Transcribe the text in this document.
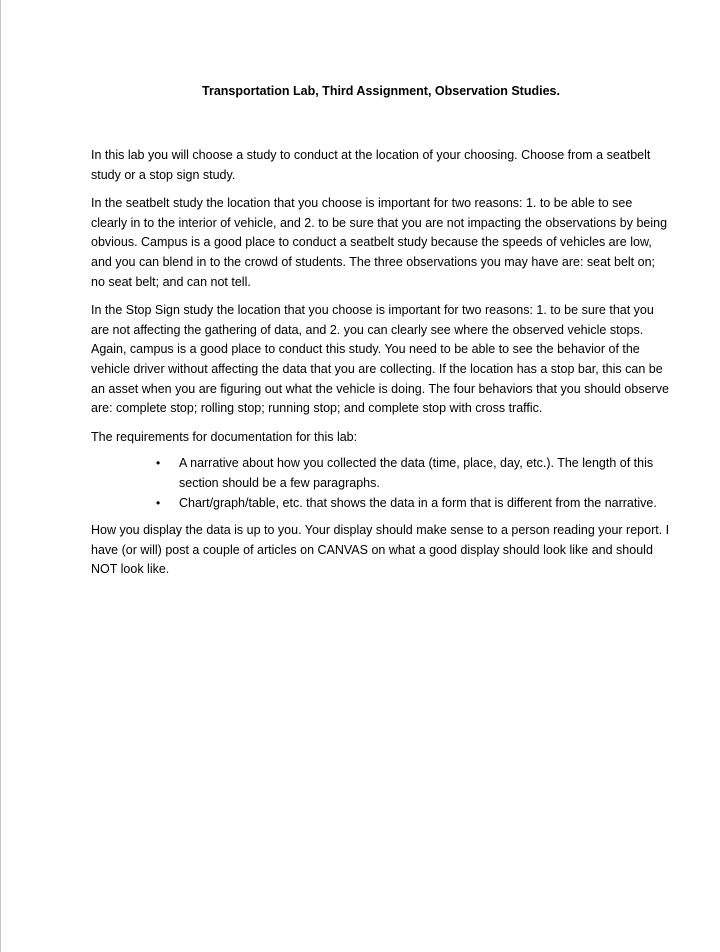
Transportation Lab, Third Assignment, Observation Studies.

In this lab you will choose a study to conduct at the location of your choosing. Choose from a seatbelt study or a stop sign study.

In the seatbelt study the location that you choose is important for two reasons: 1. to be able to see clearly in to the interior of vehicle, and 2. to be sure that you are not impacting the observations by being obvious. Campus is a good place to conduct a seatbelt study because the speeds of vehicles are low, and you can blend in to the crowd of students. The three observations you may have are: seat belt on; no seat belt; and can not tell.

In the Stop Sign study the location that you choose is important for two reasons: 1. to be sure that you are not affecting the gathering of data, and 2. you can clearly see where the observed vehicle stops. Again, campus is a good place to conduct this study. You need to be able to see the behavior of the vehicle driver without affecting the data that you are collecting. If the location has a stop bar, this can be an asset when you are figuring out what the vehicle is doing. The four behaviors that you should observe are: complete stop; rolling stop; running stop; and complete stop with cross traffic.

The requirements for documentation for this lab:

• A narrative about how you collected the data (time, place, day, etc.). The length of this section should be a few paragraphs.
• Chart/graph/table, etc. that shows the data in a form that is different from the narrative.

How you display the data is up to you. Your display should make sense to a person reading your report. I have (or will) post a couple of articles on CANVAS on what a good display should look like and should NOT look like.
